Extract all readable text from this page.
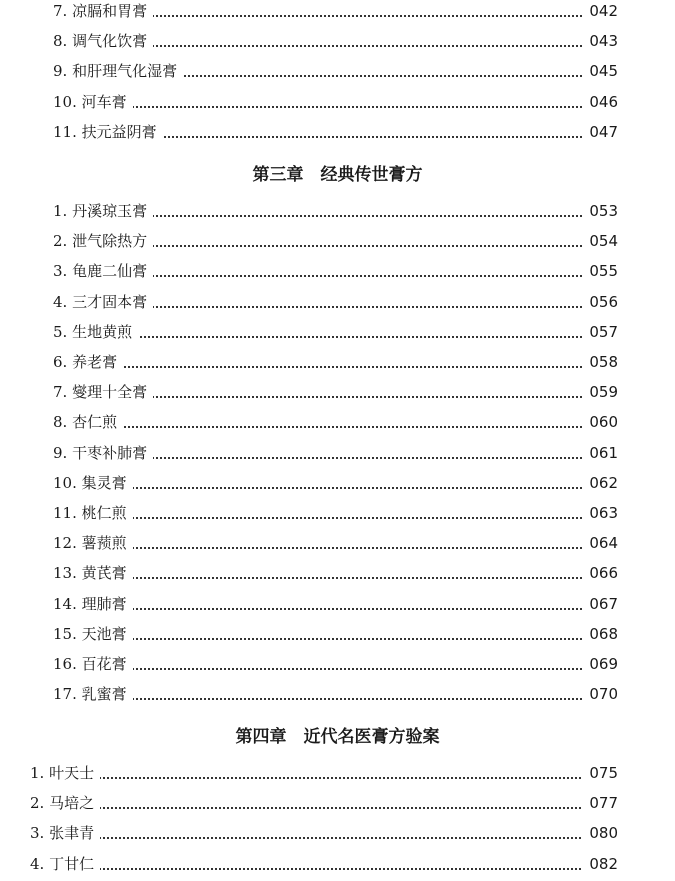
7. 凉膈和胃膏	042
8. 调气化饮膏	043
9. 和肝理气化湿膏	045
10. 河车膏	046
11. 扶元益阴膏	047
第三章　经典传世膏方
1. 丹溪琼玉膏	053
2. 泄气除热方	054
3. 龟鹿二仙膏	055
4. 三才固本膏	056
5. 生地黄煎	057
6. 养老膏	058
7. 燮理十全膏	059
8. 杏仁煎	060
9. 干枣补肺膏	061
10. 集灵膏	062
11. 桃仁煎	063
12. 薯蓣煎	064
13. 黄芪膏	066
14. 理肺膏	067
15. 天池膏	068
16. 百花膏	069
17. 乳蜜膏	070
第四章　近代名医膏方验案
1. 叶天士	075
2. 马培之	077
3. 张聿青	080
4. 丁甘仁	082
